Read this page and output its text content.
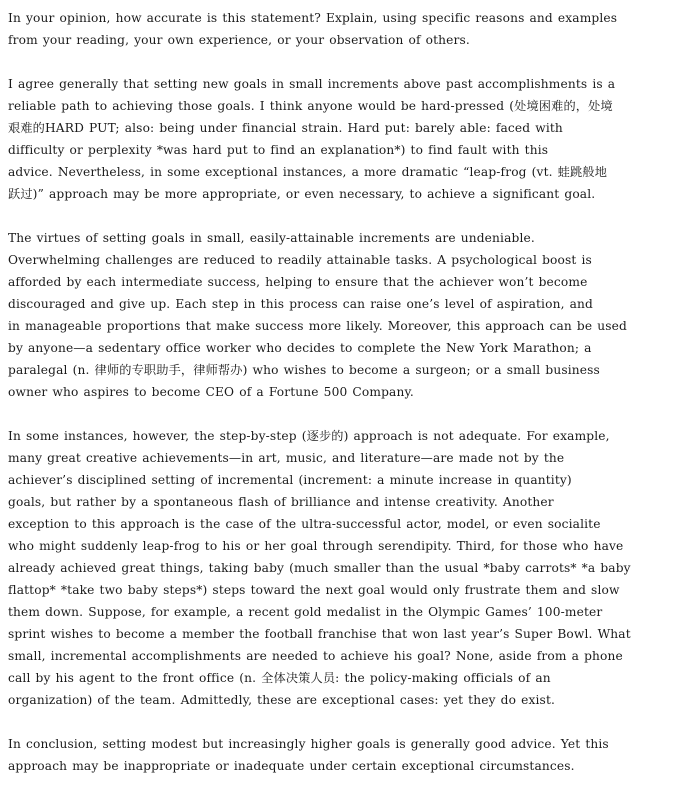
In your opinion, how accurate is this statement? Explain, using specific reasons and examples
from your reading, your own experience, or your observation of others.

I agree generally that setting new goals in small increments above past accomplishments is a
reliable path to achieving those goals. I think anyone would be hard-pressed (处境困难的，处境
艰难的HARD PUT; also: being under financial strain. Hard put: barely able: faced with
difficulty or perplexity *was hard put to find an explanation*) to find fault with this
advice. Nevertheless, in some exceptional instances, a more dramatic “leap-frog (vt. 蛙跳般地
跃过)” approach may be more appropriate, or even necessary, to achieve a significant goal.

The virtues of setting goals in small, easily-attainable increments are undeniable.
Overwhelming challenges are reduced to readily attainable tasks. A psychological boost is
afforded by each intermediate success, helping to ensure that the achiever won’t become
discouraged and give up. Each step in this process can raise one’s level of aspiration, and
in manageable proportions that make success more likely. Moreover, this approach can be used
by anyone—a sedentary office worker who decides to complete the New York Marathon; a
paralegal (n. 律师的专职助手，律师帮办) who wishes to become a surgeon; or a small business
owner who aspires to become CEO of a Fortune 500 Company.

In some instances, however, the step-by-step (逐步的) approach is not adequate. For example,
many great creative achievements—in art, music, and literature—are made not by the
achiever’s disciplined setting of incremental (increment: a minute increase in quantity)
goals, but rather by a spontaneous flash of brilliance and intense creativity. Another
exception to this approach is the case of the ultra-successful actor, model, or even socialite
who might suddenly leap-frog to his or her goal through serendipity. Third, for those who have
already achieved great things, taking baby (much smaller than the usual *baby carrots* *a baby
flattop* *take two baby steps*) steps toward the next goal would only frustrate them and slow
them down. Suppose, for example, a recent gold medalist in the Olympic Games’ 100-meter
sprint wishes to become a member the football franchise that won last year’s Super Bowl. What
small, incremental accomplishments are needed to achieve his goal? None, aside from a phone
call by his agent to the front office (n. 全体决策人员: the policy-making officials of an
organization) of the team. Admittedly, these are exceptional cases: yet they do exist.

In conclusion, setting modest but increasingly higher goals is generally good advice. Yet this
approach may be inappropriate or inadequate under certain exceptional circumstances.
